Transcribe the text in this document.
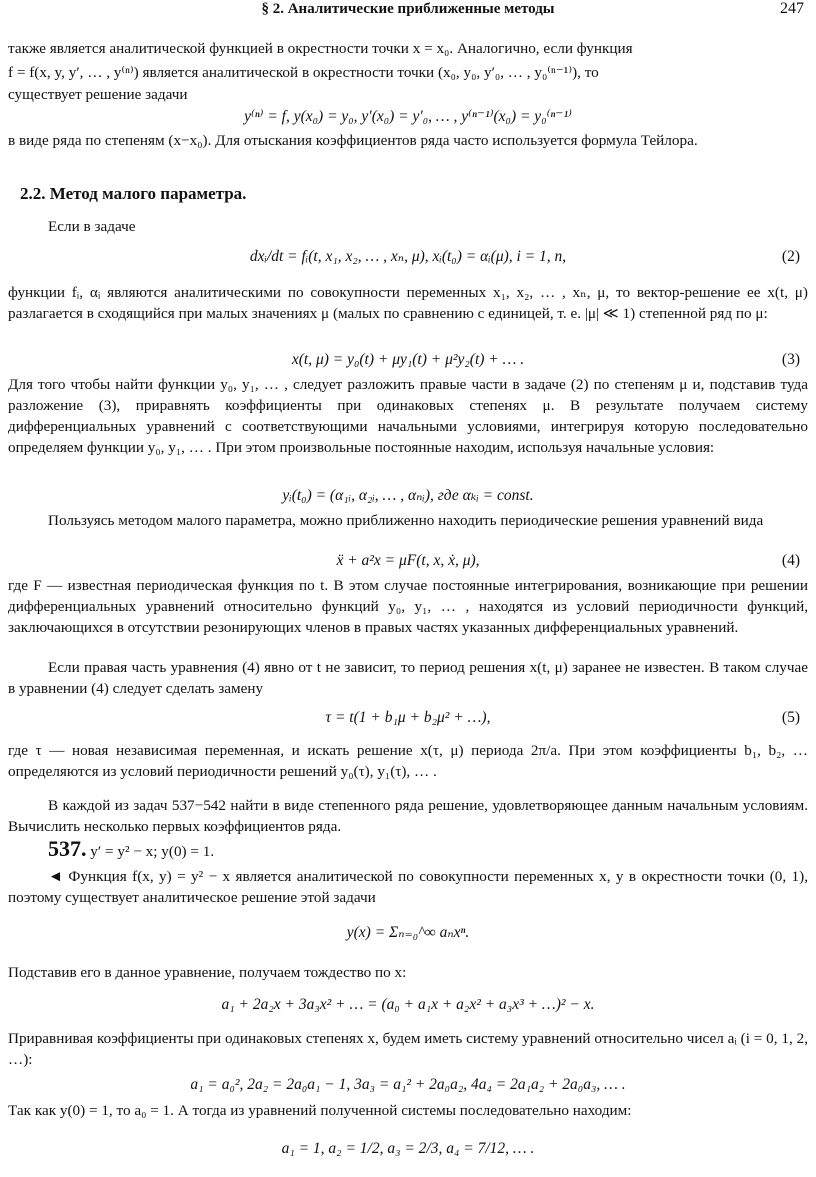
§ 2. Аналитические приближенные методы	247
также является аналитической функцией в окрестности точки x = x₀. Аналогично, если функция
f = f(x, y, y′, … , y⁽ⁿ⁾) является аналитической в окрестности точки (x₀, y₀, y′₀, … , y₀⁽ⁿ⁻¹⁾), то
существует решение задачи
y⁽ⁿ⁾ = f, y(x₀) = y₀, y′(x₀) = y′₀, … , y⁽ⁿ⁻¹⁾(x₀) = y₀⁽ⁿ⁻¹⁾
в виде ряда по степеням (x−x₀). Для отыскания коэффициентов ряда часто используется формула Тейлора.
2.2. Метод малого параметра.
Если в задаче
dxᵢ/dt = fᵢ(t, x₁, x₂, … , xₙ, μ), xᵢ(t₀) = αᵢ(μ), i = 1, n,	(2)
функции fᵢ, αᵢ являются аналитическими по совокупности переменных x₁, x₂, … , xₙ, μ, то вектор-решение ее x(t, μ) разлагается в сходящийся при малых значениях μ (малых по сравнению с единицей, т. е. |μ| ≪ 1) степенной ряд по μ:
x(t, μ) = y₀(t) + μy₁(t) + μ²y₂(t) + … .	(3)
Для того чтобы найти функции y₀, y₁, … , следует разложить правые части в задаче (2) по степеням μ и, подставив туда разложение (3), приравнять коэффициенты при одинаковых степенях μ. В результате получаем систему дифференциальных уравнений с соответствующими начальными условиями, интегрируя которую последовательно определяем функции y₀, y₁, … . При этом произвольные постоянные находим, используя начальные условия:
yᵢ(t₀) = (α₁ᵢ, α₂ᵢ, … , αₙᵢ), где αₖᵢ = const.
Пользуясь методом малого параметра, можно приближенно находить периодические решения уравнений вида
ẍ + a²x = μF(t, x, ẋ, μ),	(4)
где F — известная периодическая функция по t. В этом случае постоянные интегрирования, возникающие при решении дифференциальных уравнений относительно функций y₀, y₁, … , находятся из условий периодичности функций, заключающихся в отсутствии резонирующих членов в правых частях указанных дифференциальных уравнений.
Если правая часть уравнения (4) явно от t не зависит, то период решения x(t, μ) заранее не известен. В таком случае в уравнении (4) следует сделать замену
τ = t(1 + b₁μ + b₂μ² + …),	(5)
где τ — новая независимая переменная, и искать решение x(τ, μ) периода 2π/a. При этом коэффициенты b₁, b₂, … определяются из условий периодичности решений y₀(τ), y₁(τ), … .
В каждой из задач 537−542 найти в виде степенного ряда решение, удовлетворяющее данным начальным условиям. Вычислить несколько первых коэффициентов ряда.
537. y′ = y² − x; y(0) = 1.
◄ Функция f(x, y) = y² − x является аналитической по совокупности переменных x, y в окрестности точки (0, 1), поэтому существует аналитическое решение этой задачи
y(x) = Σₙ₌₀^∞ aₙxⁿ.
Подставив его в данное уравнение, получаем тождество по x:
a₁ + 2a₂x + 3a₃x² + … = (a₀ + a₁x + a₂x² + a₃x³ + …)² − x.
Приравнивая коэффициенты при одинаковых степенях x, будем иметь систему уравнений относительно чисел aᵢ (i = 0, 1, 2, …):
a₁ = a₀², 2a₂ = 2a₀a₁ − 1, 3a₃ = a₁² + 2a₀a₂, 4a₄ = 2a₁a₂ + 2a₀a₃, … .
Так как y(0) = 1, то a₀ = 1. А тогда из уравнений полученной системы последовательно находим:
a₁ = 1, a₂ = 1/2, a₃ = 2/3, a₄ = 7/12, … .
